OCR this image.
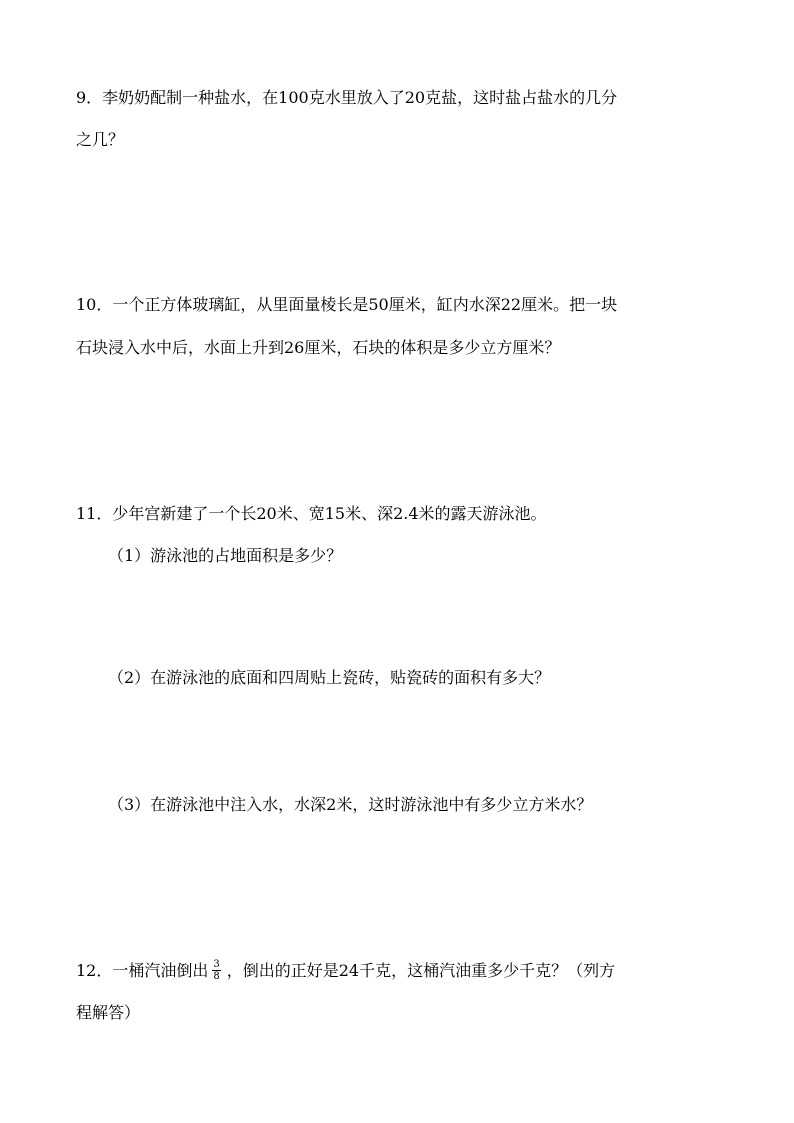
9．李奶奶配制一种盐水，在100克水里放入了20克盐，这时盐占盐水的几分
之几？
10．一个正方体玻璃缸，从里面量棱长是50厘米，缸内水深22厘米。把一块
石块浸入水中后，水面上升到26厘米，石块的体积是多少立方厘米？
11．少年宫新建了一个长20米、宽15米、深2.4米的露天游泳池。
（1）游泳池的占地面积是多少？
（2）在游泳池的底面和四周贴上瓷砖，贴瓷砖的面积有多大？
（3）在游泳池中注入水，水深2米，这时游泳池中有多少立方米水？
12．一桶汽油倒出 $\frac{3}{8}$ ，倒出的正好是24千克，这桶汽油重多少千克？（列方
程解答）
